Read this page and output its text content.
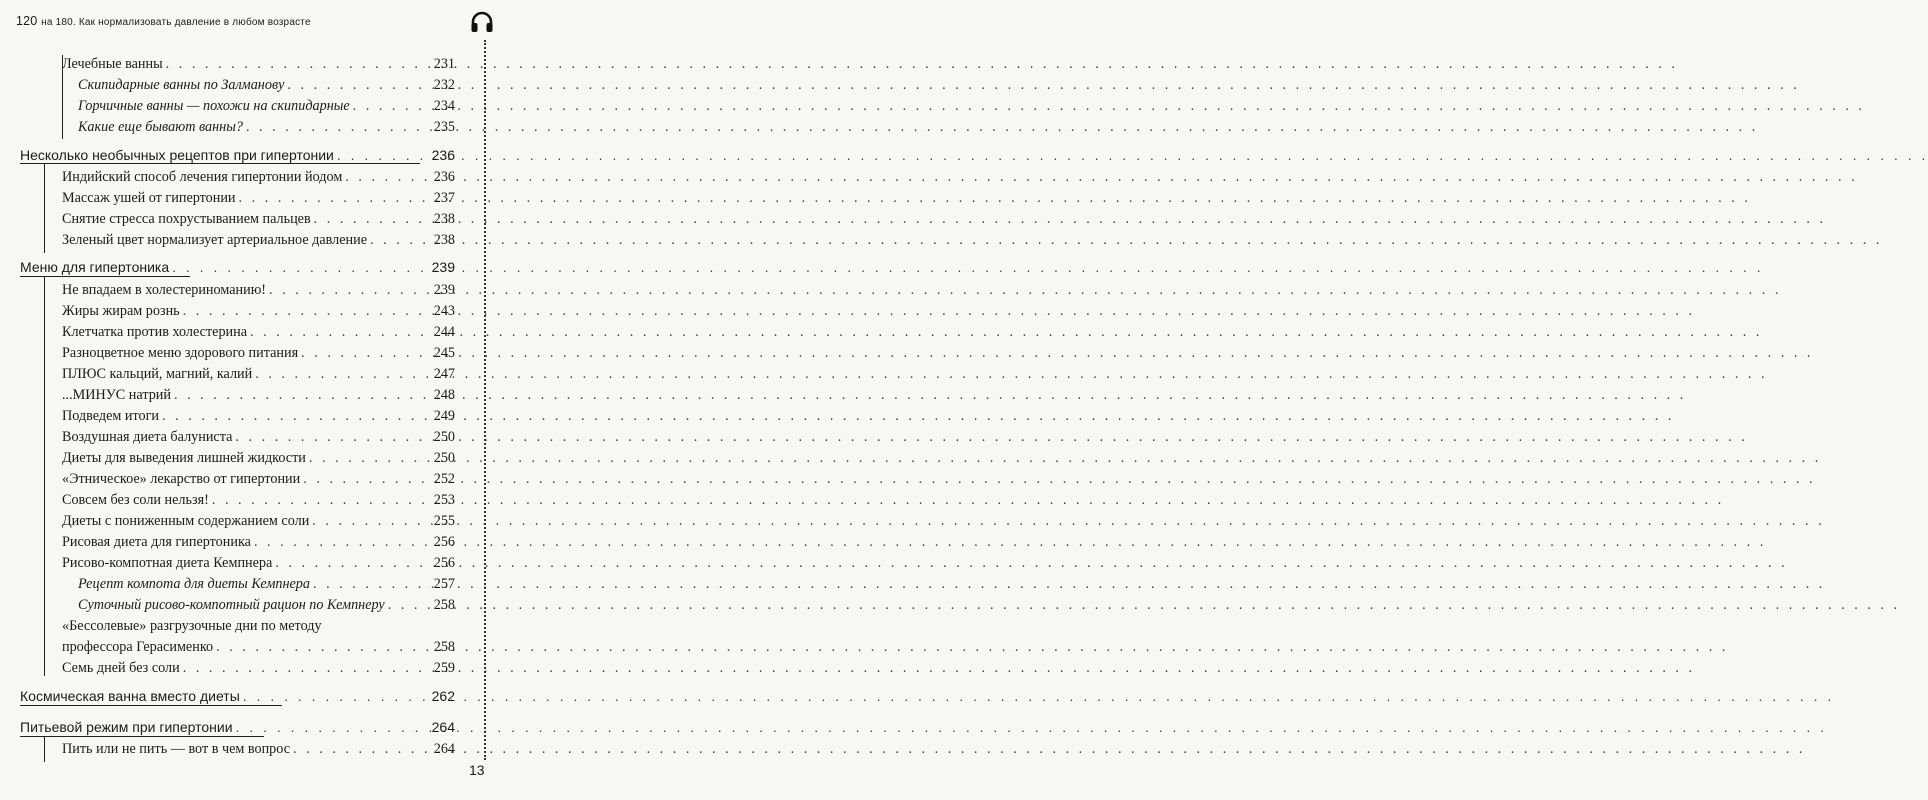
120 на 180. Как нормализовать давление в любом возрасте
Лечебные ванны . . .	231
Скипидарные ванны по Залманову . . .	232
Горчичные ванны — похожи на скипидарные . . .	234
Какие еще бывают ванны? . . .	235
Несколько необычных рецептов при гипертонии . . .	236
Индийский способ лечения гипертонии йодом . . .	236
Массаж ушей от гипертонии . . .	237
Снятие стресса похрустыванием пальцев . . .	238
Зеленый цвет нормализует артериальное давление . . .	238
Меню для гипертоника . . .	239
Не впадаем в холестериноманию! . . .	239
Жиры жирам рознь . . .	243
Клетчатка против холестерина . . .	244
Разноцветное меню здорового питания . . .	245
ПЛЮС кальций, магний, калий . . .	247
...МИНУС натрий . . .	248
Подведем итоги . . .	249
Воздушная диета балуниста . . .	250
Диеты для выведения лишней жидкости . . .	250
«Этническое» лекарство от гипертонии . . .	252
Совсем без соли нельзя! . . .	253
Диеты с пониженным содержанием соли . . .	255
Рисовая диета для гипертоника . . .	256
Рисово-компотная диета Кемпнера . . .	256
Рецепт компота для диеты Кемпнера . . .	257
Суточный рисово-компотный рацион по Кемпнеру . . .	258
«Бессолевые» разгрузочные дни по методу
профессора Герасименко . . .	258
Семь дней без соли . . .	259
Космическая ванна вместо диеты . . .	262
Питьевой режим при гипертонии . . .	264
Пить или не пить — вот в чем вопрос . . .	264
13
